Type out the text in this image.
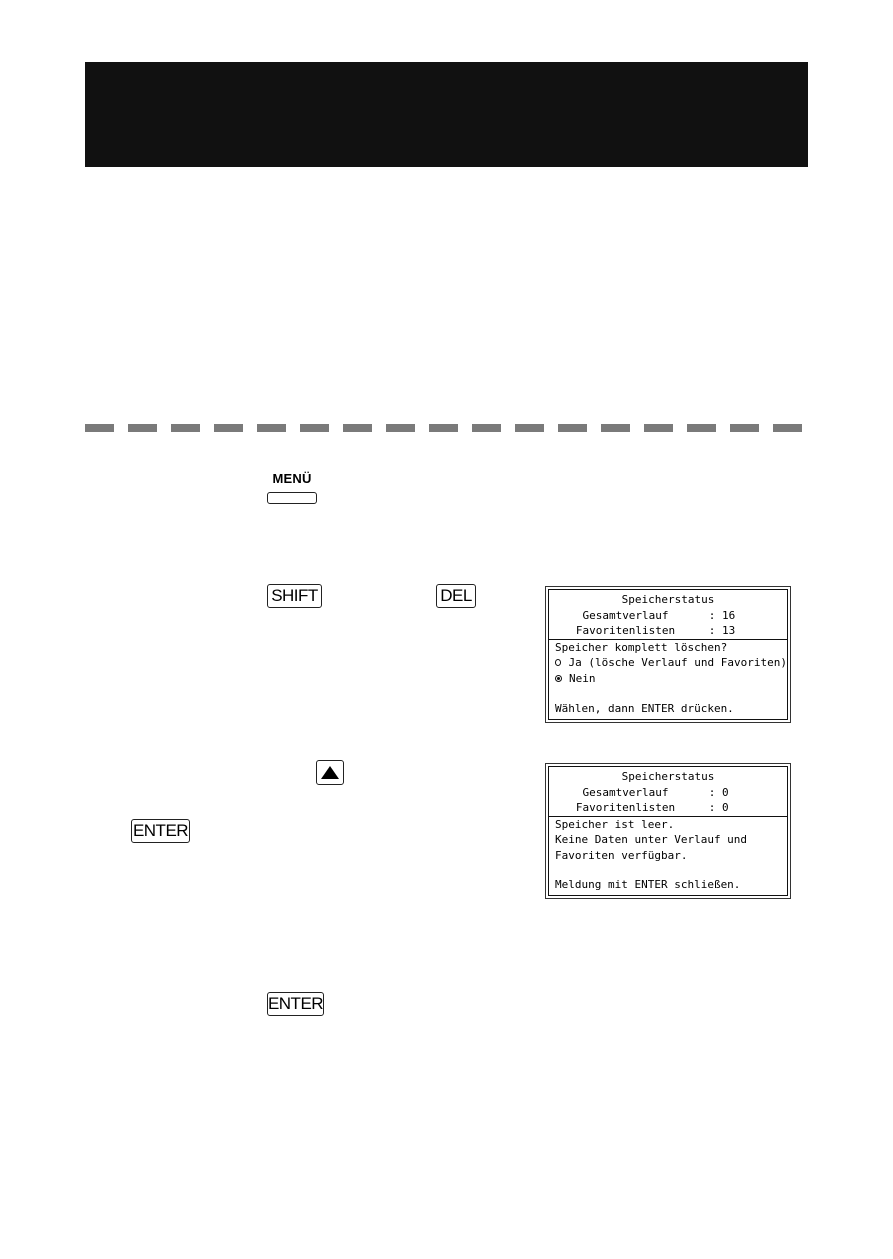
MENÜ
SHIFT	DEL
ENTER
ENTER
Speicherstatus
Gesamtverlauf	: 16
Favoritenlisten	: 13
Speicher komplett löschen?
Ja (lösche Verlauf und Favoriten)
Nein
Wählen, dann ENTER drücken.
Speicherstatus
Gesamtverlauf	: 0
Favoritenlisten	: 0
Speicher ist leer.
Keine Daten unter Verlauf und
Favoriten verfügbar.
Meldung mit ENTER schließen.
